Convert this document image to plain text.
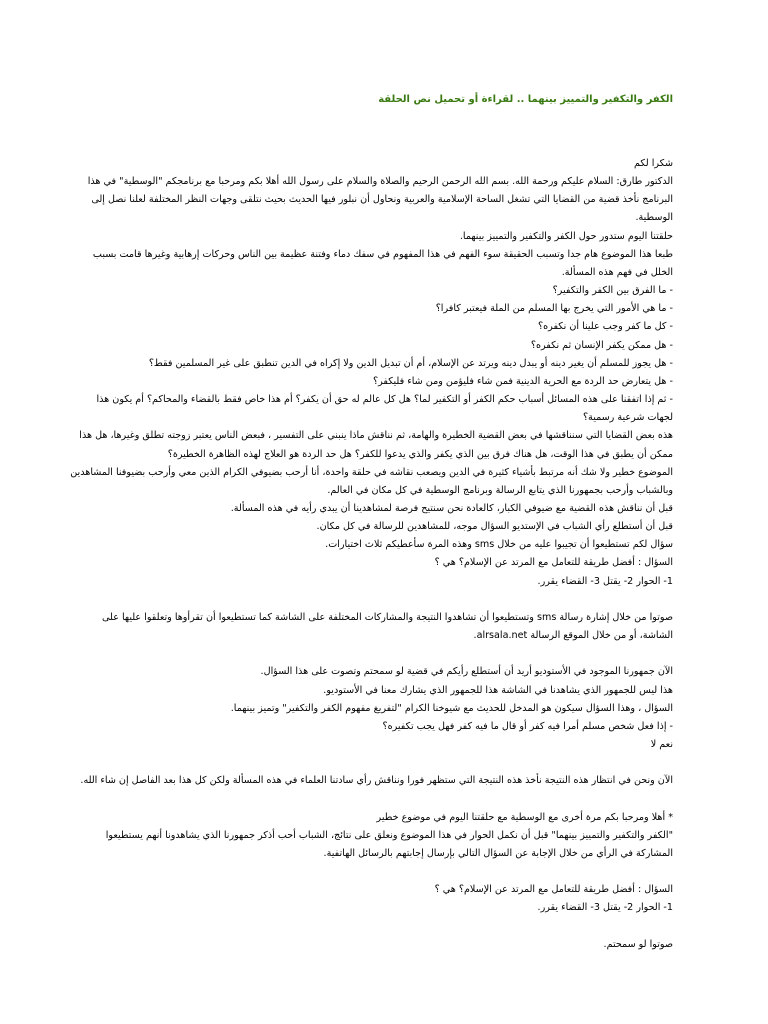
الكفر والتكفير والتمييز بينهما .. لقراءة أو تحميل نص الحلقة

شكرا لكم

الدكتور طارق: السلام عليكم ورحمة الله. بسم الله الرحمن الرحيم والصلاة والسلام على رسول الله أهلا بكم ومرحبا مع برنامجكم "الوسطية" في هذا البرنامج نأخذ قضية من القضايا التي تشغل الساحة الإسلامية والعربية ونحاول أن نبلور فيها الحديث بحيث نتلقى وجهات النظر المختلفة لعلنا نصل إلى الوسطية.

حلقتنا اليوم ستدور حول الكفر والتكفير والتمييز بينهما.

طبعا هذا الموضوع هام جدا وتسبب الحقيقة سوء الفهم في هذا المفهوم في سفك دماء وفتنة عظيمة بين الناس وحركات إرهابية وغيرها قامت بسبب الخلل في فهم هذه المسألة.

- ما الفرق بين الكفر والتكفير؟

- ما هي الأمور التي يخرج بها المسلم من الملة فيعتبر كافرا؟

- كل ما كفر وجب علينا أن نكفره؟

- هل ممكن يكفر الإنسان ثم نكفره؟

- هل يجوز للمسلم أن يغير دينه أو يبدل دينه ويرتد عن الإسلام، أم أن تبديل الدين ولا إكراه في الدين تنطبق على غير المسلمين فقط؟

- هل يتعارض حد الردة مع الحرية الدينية فمن شاء فليؤمن ومن شاء فليكفر؟

- ثم إذا اتفقنا على هذه المسائل أسباب حكم الكفر أو التكفير لما؟ هل كل عالم له حق أن يكفر؟ أم هذا خاص فقط بالقضاء والمحاكم؟ أم يكون هذا لجهات شرعية رسمية؟

هذه بعض القضايا التي سنناقشها في بعض القضية الخطيرة والهامة، ثم نناقش ماذا ينبني على التفسير ، فبعض الناس يعتبر زوجته تطلق وغيرها، هل هذا ممكن أن يطبق في هذا الوقت، هل هناك فرق بين الذي يكفر والذي يدعوا للكفر؟ هل حد الردة هو العلاج لهذه الظاهرة الخطيرة؟

الموضوع خطير ولا شك أنه مرتبط بأشياء كثيرة في الدين ويصعب نقاشه في حلقة واحدة، أنا أرحب بضيوفي الكرام الذين معي وأرحب بضيوفنا المشاهدين وبالشباب وأرحب بجمهورنا الذي يتابع الرسالة وبرنامج الوسطية في كل مكان في العالم.

قبل أن نناقش هذه القضية مع ضيوفي الكبار، كالعادة نحن سنتيح فرصة لمشاهدينا أن يبدي رأيه في هذه المسألة.

قبل أن أستطلع رأي الشباب في الإستديو السؤال موجه، للمشاهدين للرسالة في كل مكان.

سؤال لكم تستطيعوا أن تجيبوا عليه من خلال sms وهذه المرة سأعطيكم ثلاث اختيارات.

السؤال : أفضل طريقة للتعامل مع المرتد عن الإسلام؟ هي ؟

1- الحوار 2- يقتل 3- القضاء يقرر.

صوتوا من خلال إشارة رسالة sms وتستطيعوا أن تشاهدوا النتيجة والمشاركات المختلفة على الشاشة كما تستطيعوا أن تقرأوها وتعلقوا عليها على الشاشة، أو من خلال الموقع الرسالة alrsala.net.

الآن جمهورنا الموجود في الأستوديو أريد أن أستطلع رأيكم في قضية لو سمحتم وتصوت على هذا السؤال.

هذا ليس للجمهور الذي يشاهدنا في الشاشة هذا للجمهور الذي يشارك معنا في الأستوديو.

السؤال ، وهذا السؤال سيكون هو المدخل للحديث مع شيوخنا الكرام "لتفريغ مفهوم الكفر والتكفير" وتميز بينهما.

- إذا فعل شخص مسلم أمرا فيه كفر أو قال ما فيه كفر فهل يجب تكفيره؟

نعم لا

الآن ونحن في انتظار هذه النتيجة نأخذ هذه النتيجة التي ستظهر فورا ونناقش رأي سادتنا العلماء في هذه المسألة ولكن كل هذا بعد الفاصل إن شاء الله.

* أهلا ومرحبا بكم مرة أخرى مع الوسطية مع حلقتنا اليوم في موضوع خطير

"الكفر والتكفير والتمييز بينهما" قبل أن نكمل الحوار في هذا الموضوع ونعلق على نتائج، الشباب أحب أذكر جمهورنا الذي يشاهدونا أنهم يستطيعوا المشاركة في الرأي من خلال الإجابة عن السؤال التالي بإرسال إجابتهم بالرسائل الهاتفية.

السؤال : أفضل طريقة للتعامل مع المرتد عن الإسلام؟ هي ؟

1- الحوار 2- يقتل 3- القضاء يقرر.

صوتوا لو سمحتم.
